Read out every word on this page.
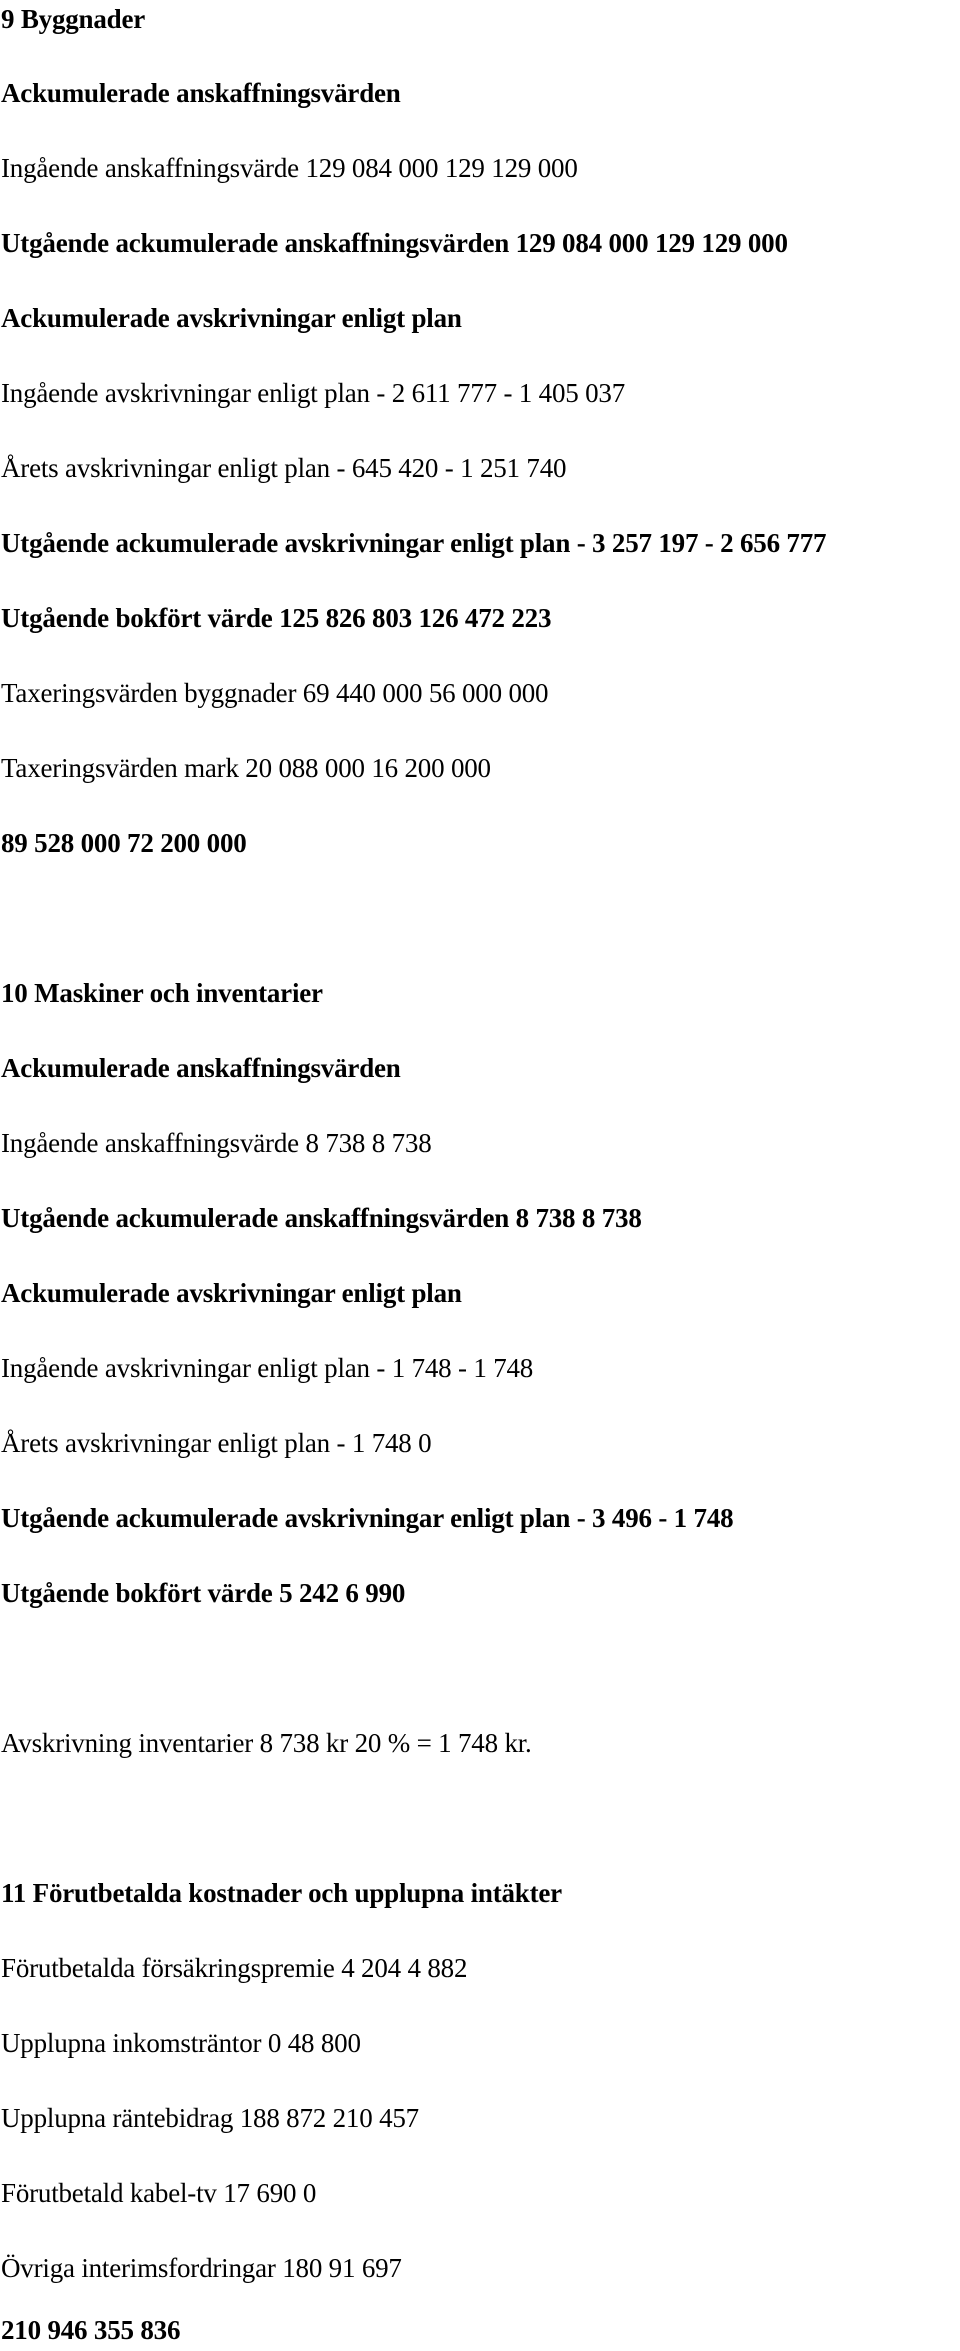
9 Byggnader
Ackumulerade anskaffningsvärden
Ingående anskaffningsvärde 129 084 000 129 129 000
Utgående ackumulerade anskaffningsvärden 129 084 000 129 129 000
Ackumulerade avskrivningar enligt plan
Ingående avskrivningar enligt plan - 2 611 777 - 1 405 037
Årets avskrivningar enligt plan - 645 420 - 1 251 740
Utgående ackumulerade avskrivningar enligt plan - 3 257 197 - 2 656 777
Utgående bokfört värde 125 826 803 126 472 223
Taxeringsvärden byggnader 69 440 000 56 000 000
Taxeringsvärden mark 20 088 000 16 200 000
89 528 000 72 200 000
10 Maskiner och inventarier
Ackumulerade anskaffningsvärden
Ingående anskaffningsvärde 8 738 8 738
Utgående ackumulerade anskaffningsvärden 8 738 8 738
Ackumulerade avskrivningar enligt plan
Ingående avskrivningar enligt plan - 1 748 - 1 748
Årets avskrivningar enligt plan - 1 748 0
Utgående ackumulerade avskrivningar enligt plan - 3 496 - 1 748
Utgående bokfört värde 5 242 6 990
Avskrivning inventarier 8 738 kr 20 % = 1 748 kr.
11 Förutbetalda kostnader och upplupna intäkter
Förutbetalda försäkringspremie 4 204 4 882
Upplupna inkomsträntor 0 48 800
Upplupna räntebidrag 188 872 210 457
Förutbetald kabel-tv 17 690 0
Övriga interimsfordringar 180 91 697
210 946 355 836
